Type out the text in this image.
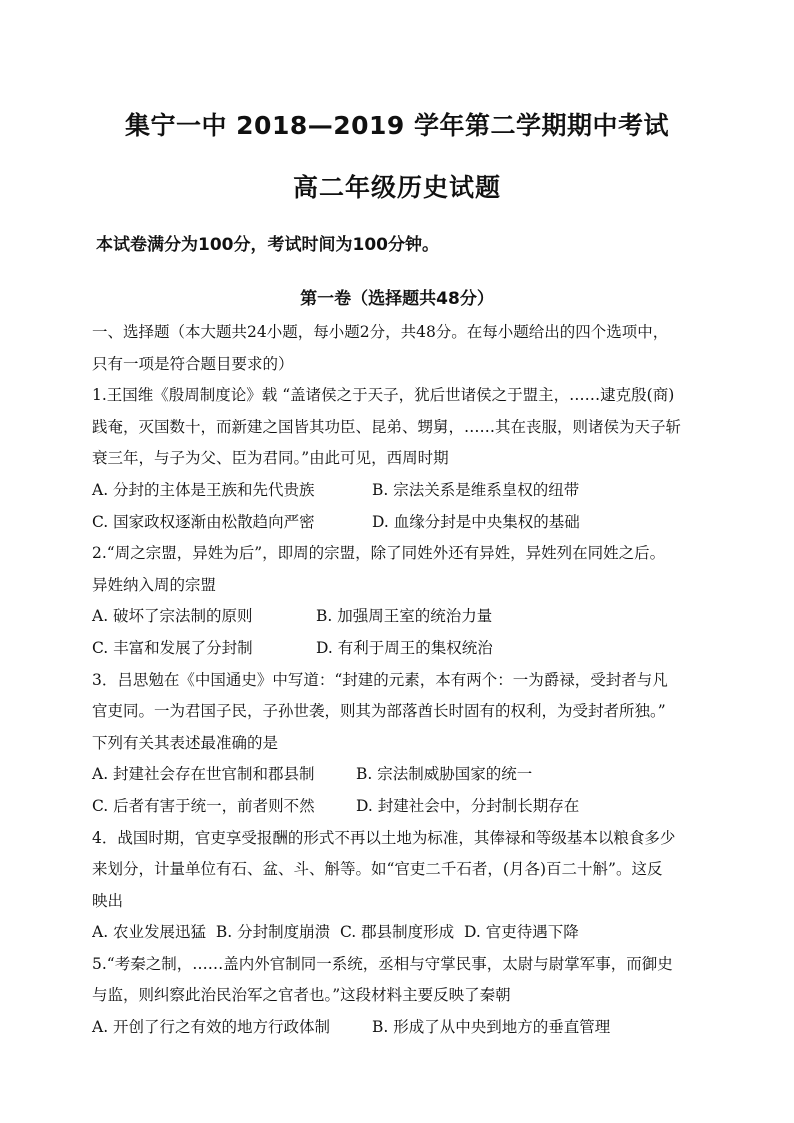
集宁一中 2018—2019 学年第二学期期中考试
高二年级历史试题
本试卷满分为100分，考试时间为100分钟。
第一卷（选择题共48分）
一、选择题（本大题共24小题，每小题2分，共48分。在每小题给出的四个选项中，
只有一项是符合题目要求的）
1.王国维《殷周制度论》载 “盖诸侯之于天子，犹后世诸侯之于盟主，……逮克殷(商)
践奄，灭国数十，而新建之国皆其功臣、昆弟、甥舅，……其在丧服，则诸侯为天子斩
衰三年，与子为父、臣为君同。”由此可见，西周时期
A. 分封的主体是王族和先代贵族	B. 宗法关系是维系皇权的纽带
C. 国家政权逐渐由松散趋向严密	D. 血缘分封是中央集权的基础
2.“周之宗盟，异姓为后”，即周的宗盟，除了同姓外还有异姓，异姓列在同姓之后。
异姓纳入周的宗盟
A. 破坏了宗法制的原则	B. 加强周王室的统治力量
C. 丰富和发展了分封制	D. 有利于周王的集权统治
3．吕思勉在《中国通史》中写道：“封建的元素，本有两个：一为爵禄，受封者与凡
官吏同。一为君国子民，子孙世袭，则其为部落酋长时固有的权利，为受封者所独。”
下列有关其表述最准确的是
A. 封建社会存在世官制和郡县制	B. 宗法制威胁国家的统一
C. 后者有害于统一，前者则不然	D. 封建社会中，分封制长期存在
4．战国时期，官吏享受报酬的形式不再以土地为标准，其俸禄和等级基本以粮食多少
来划分，计量单位有石、盆、斗、斛等。如“官吏二千石者，(月各)百二十斛”。这反
映出
A. 农业发展迅猛  B. 分封制度崩溃  C. 郡县制度形成  D. 官吏待遇下降
5.“考秦之制，……盖内外官制同一系统，丞相与守掌民事，太尉与尉掌军事，而御史
与监，则纠察此治民治军之官者也。”这段材料主要反映了秦朝
A. 开创了行之有效的地方行政体制	B. 形成了从中央到地方的垂直管理
